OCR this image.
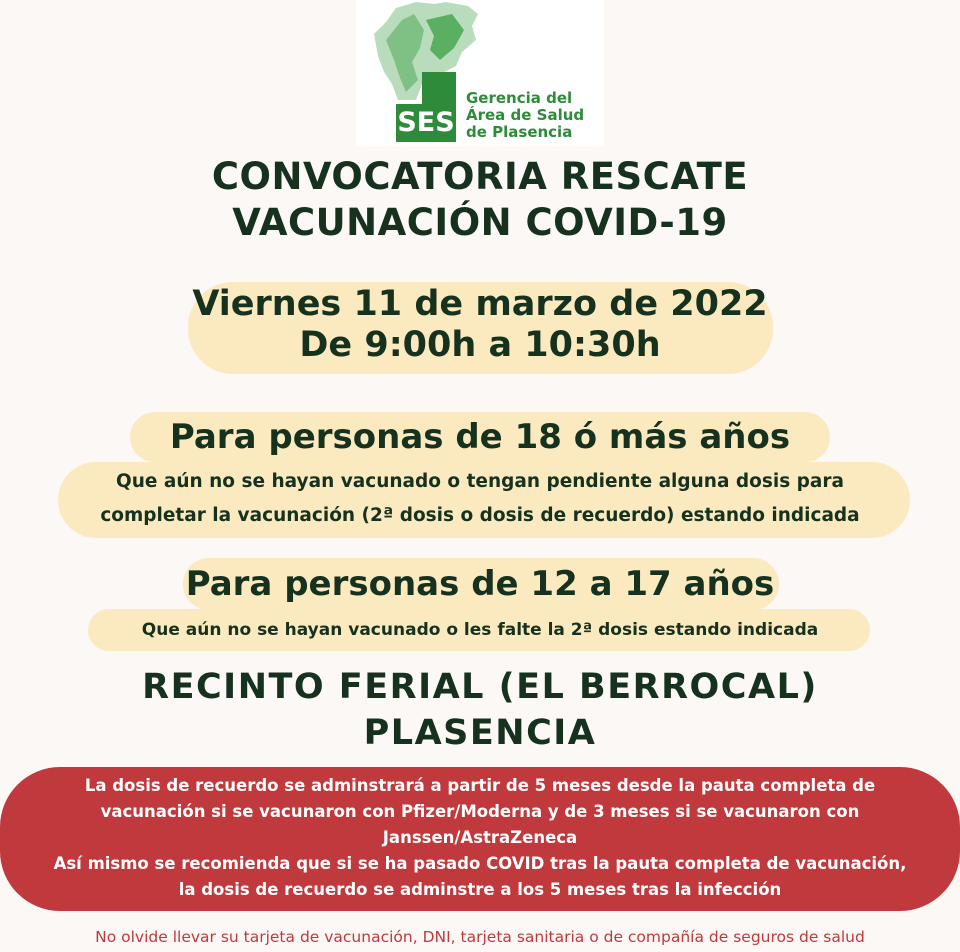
SES
Gerencia del
Área de Salud
de Plasencia
CONVOCATORIA RESCATE
VACUNACIÓN COVID-19
Viernes 11 de marzo de 2022
De 9:00h a 10:30h
Para personas de 18 ó más años
Que aún no se hayan vacunado o tengan pendiente alguna dosis para
completar la vacunación (2ª dosis o dosis de recuerdo) estando indicada
Para personas de 12 a 17 años
Que aún no se hayan vacunado o les falte la 2ª dosis estando indicada
RECINTO FERIAL (EL BERROCAL)
PLASENCIA
La dosis de recuerdo se adminstrará a partir de 5 meses desde la pauta completa de
vacunación si se vacunaron con Pfizer/Moderna y de 3 meses si se vacunaron con
Janssen/AstraZeneca
Así mismo se recomienda que si se ha pasado COVID tras la pauta completa de vacunación,
la dosis de recuerdo se adminstre a los 5 meses tras la infección
No olvide llevar su tarjeta de vacunación, DNI, tarjeta sanitaria o de compañía de seguros de salud
